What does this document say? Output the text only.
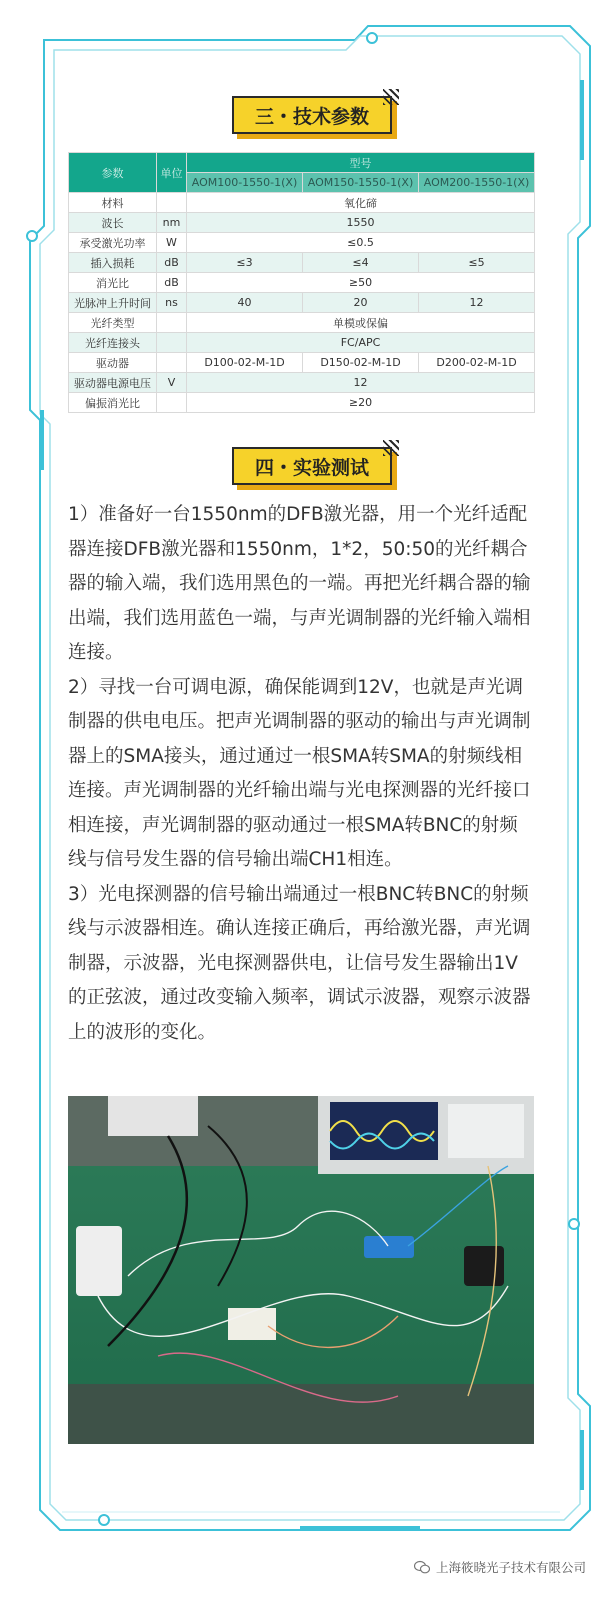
三・技术参数
参数	单位	型号		
		AOM100-1550-1(X)	AOM150-1550-1(X)	AOM200-1550-1(X)
材料		氧化碲		
波长	nm	1550		
承受激光功率	W	≤0.5		
插入损耗	dB	≤3	≤4	≤5
消光比	dB	≥50		
光脉冲上升时间	ns	40	20	12
光纤类型		单模或保偏		
光纤连接头		FC/APC		
驱动器		D100-02-M-1D	D150-02-M-1D	D200-02-M-1D
驱动器电源电压	V	12		
偏振消光比		≥20		
四・实验测试

1）准备好一台1550nm的DFB激光器，用一个光纤适配器连接DFB激光器和1550nm，1*2，50:50的光纤耦合器的输入端，我们选用黑色的一端。再把光纤耦合器的输出端，我们选用蓝色一端，与声光调制器的光纤输入端相连接。

2）寻找一台可调电源，确保能调到12V，也就是声光调制器的供电电压。把声光调制器的驱动的输出与声光调制器上的SMA接头，通过通过一根SMA转SMA的射频线相连接。声光调制器的光纤输出端与光电探测器的光纤接口相连接，声光调制器的驱动通过一根SMA转BNC的射频线与信号发生器的信号输出端CH1相连。

3）光电探测器的信号输出端通过一根BNC转BNC的射频线与示波器相连。确认连接正确后，再给激光器，声光调制器，示波器，光电探测器供电，让信号发生器输出1V的正弦波，通过改变输入频率，调试示波器，观察示波器上的波形的变化。

上海筱晓光子技术有限公司
